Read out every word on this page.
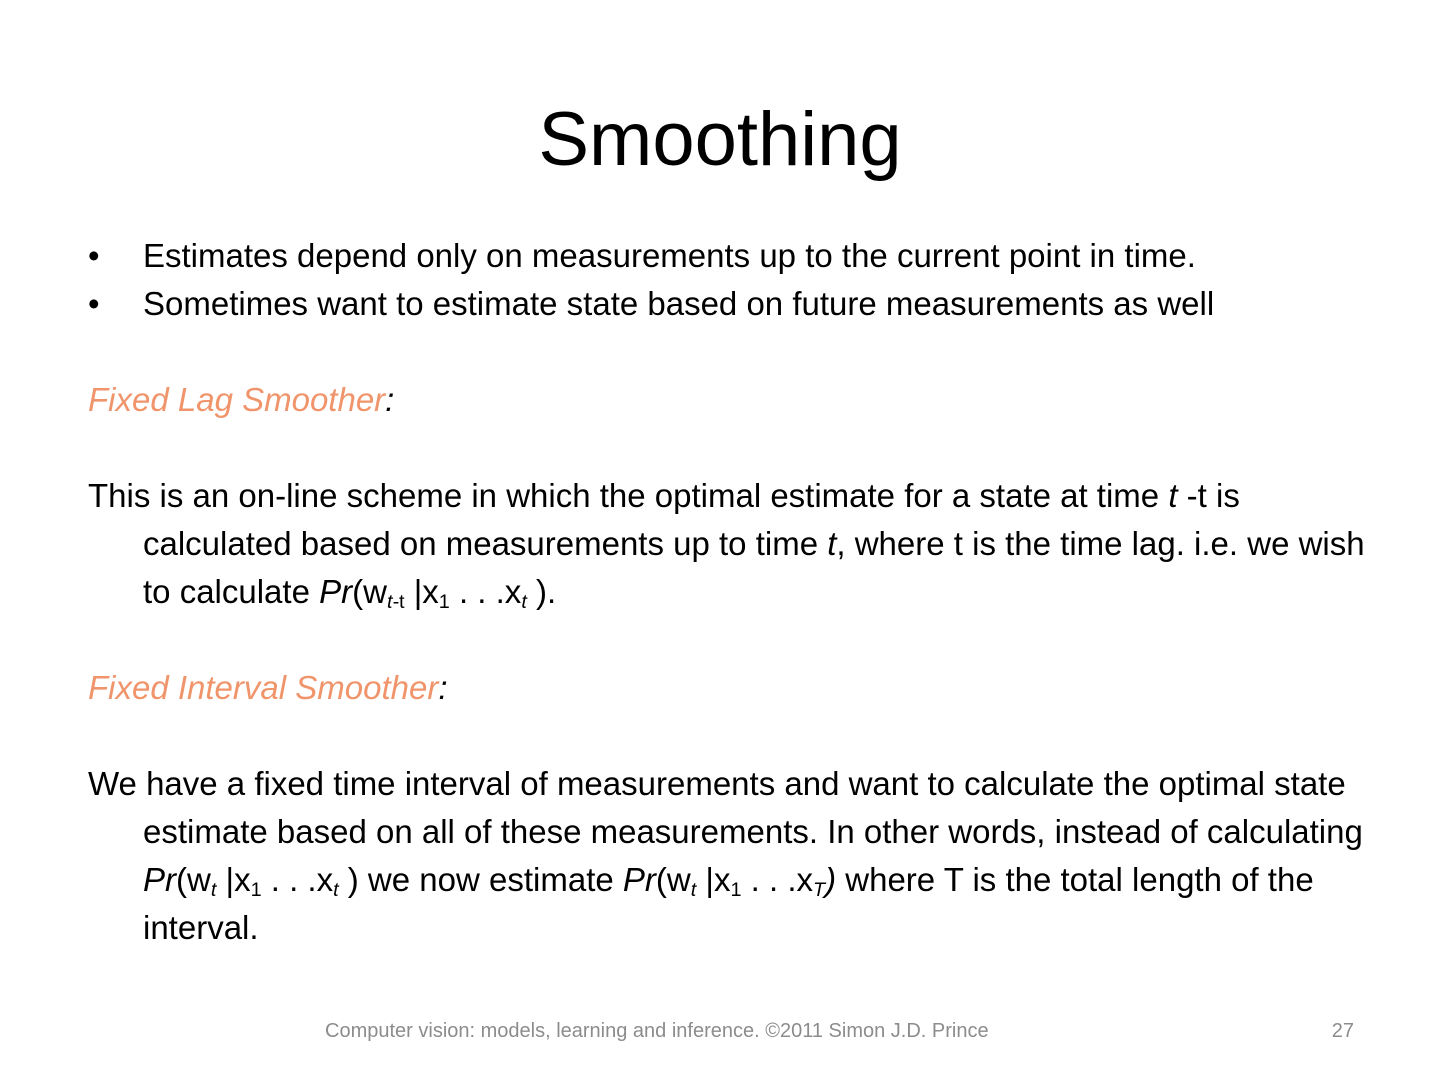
Smoothing
• Estimates depend only on measurements up to the current point in time.
• Sometimes want to estimate state based on future measurements as well
Fixed Lag Smoother:
This is an on-line scheme in which the optimal estimate for a state at time t -t is calculated based on measurements up to time t, where t is the time lag. i.e. we wish to calculate $Pr(w_{t-t}$ $|x_1$ . . $.x_t$ ).
Fixed Interval Smoother:
We have a fixed time interval of measurements and want to calculate the optimal state estimate based on all of these measurements. In other words, instead of calculating $Pr(w_t$ $|x_1$ . . $.x_t$ ) we now estimate $Pr(w_t$ $|x_1$ . . $.x_T$) where T is the total length of the interval.
Computer vision: models, learning and inference. ©2011 Simon J.D. Prince	27
